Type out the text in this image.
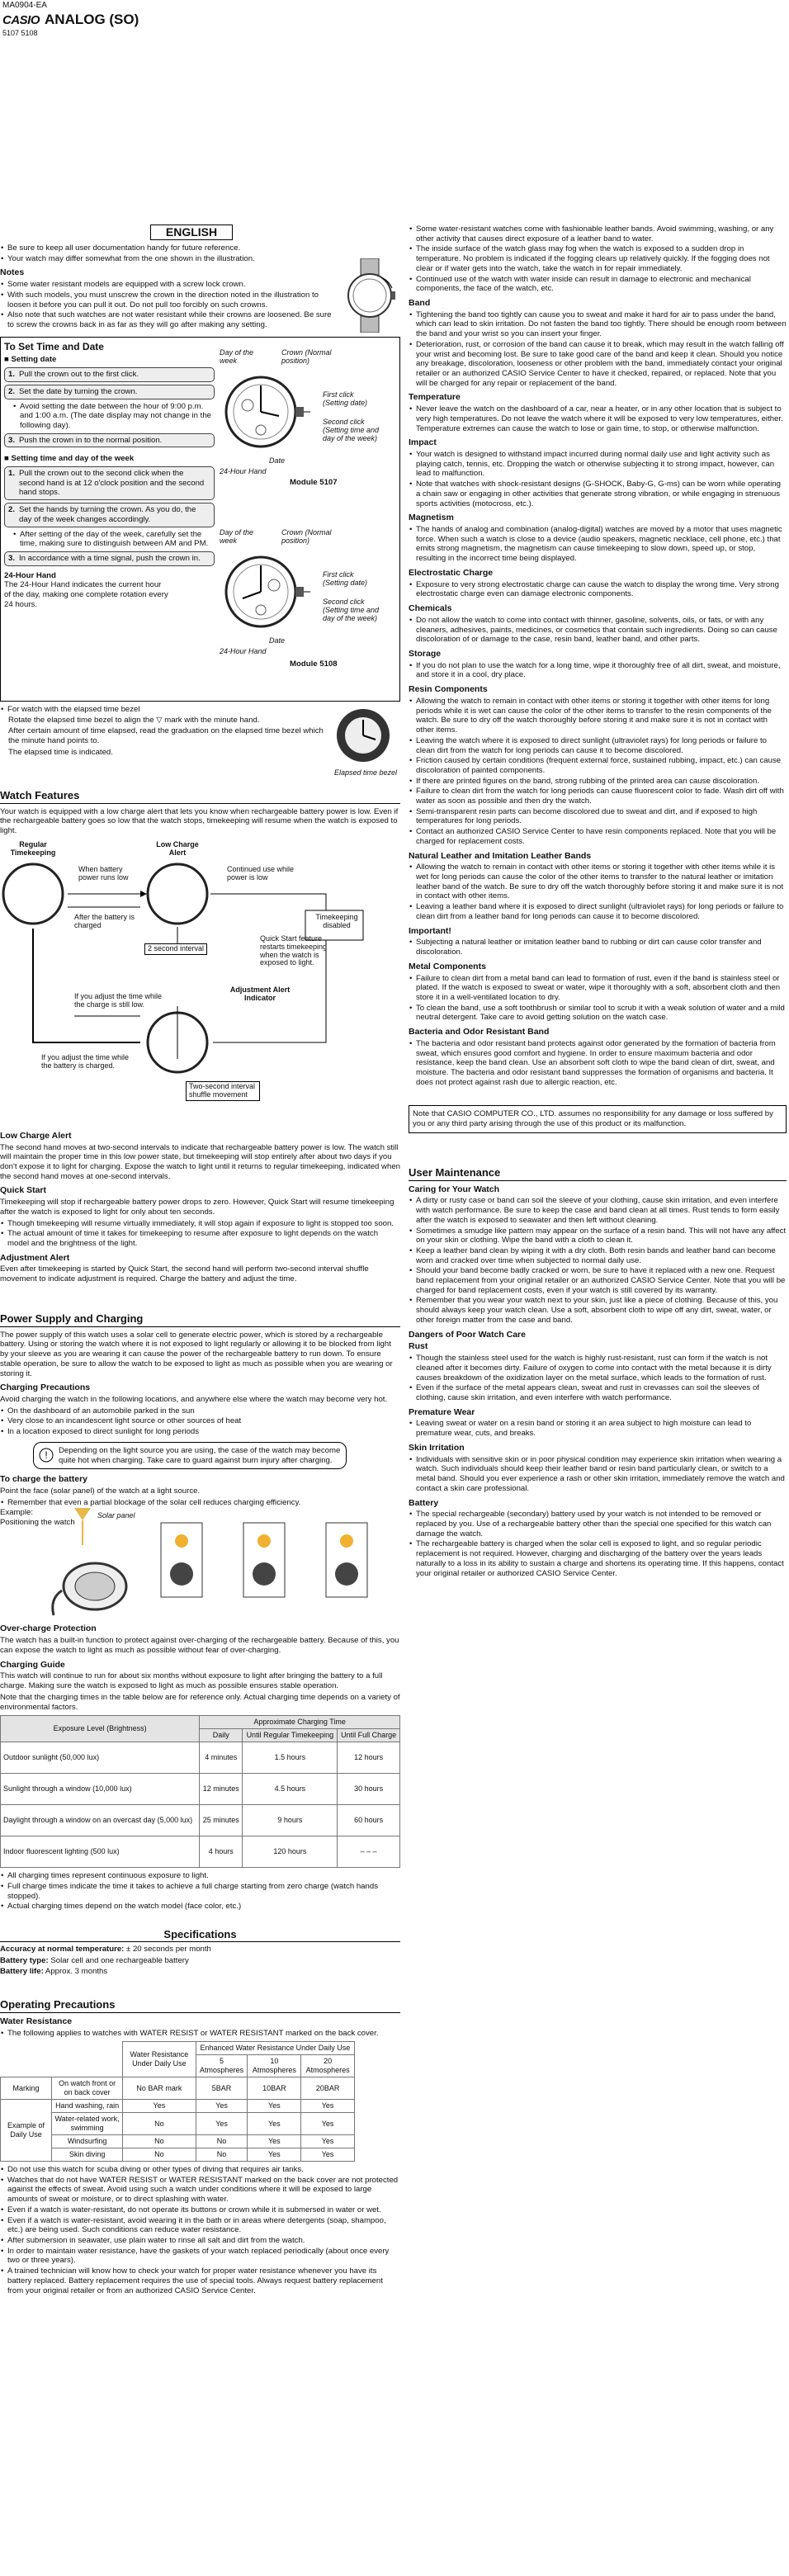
MA0904-EA
CASIO ANALOG (SO)
5107 5108
ENGLISH
• Be sure to keep all user documentation handy for future reference.
• Your watch may differ somewhat from the one shown in the illustration.
Notes
• Some water resistant models are equipped with a screw lock crown.
• With such models, you must unscrew the crown in the direction noted in the illustration to loosen it before you can pull it out. Do not pull too forcibly on such crowns.
• Also note that such watches are not water resistant while their crowns are loosened. Be sure to screw the crowns back in as far as they will go after making any setting.
To Set Time and Date
■ Setting date
1. Pull the crown out to the first click.
2. Set the date by turning the crown.
• Avoid setting the date between the hour of 9:00 p.m. and 1:00 a.m. (The date display may not change in the following day).
3. Push the crown in to the normal position.
■ Setting time and day of the week
1. Pull the crown out to the second click when the second hand is at 12 o'clock position and the second hand stops.
2. Set the hands by turning the crown. As you do, the day of the week changes accordingly.
• After setting of the day of the week, carefully set the time, making sure to distinguish between AM and PM.
3. In accordance with a time signal, push the crown in.
24-Hour Hand
The 24-Hour Hand indicates the current hour of the day, making one complete rotation every 24 hours.
Day of the week
Crown (Normal position)
First click (Setting date)
Second click (Setting time and day of the week)
Date
24-Hour Hand
Module 5107
Day of the week
Crown (Normal position)
First click (Setting date)
Second click (Setting time and day of the week)
Date
24-Hour Hand
Module 5108
• For watch with the elapsed time bezel

Rotate the elapsed time bezel to align the ▽ mark with the minute hand.

After certain amount of time elapsed, read the graduation on the elapsed time bezel which the minute hand points to.

The elapsed time is indicated.

Elapsed time bezel
Watch Features

Your watch is equipped with a low charge alert that lets you know when rechargeable battery power is low. Even if the rechargeable battery goes so low that the watch stops, timekeeping will resume when the watch is exposed to light.

Regular Timekeeping
Low Charge Alert
When battery power runs low
Continued use while power is low
Timekeeping disabled
After the battery is charged
2 second interval
Quick Start feature restarts timekeeping when the watch is exposed to light.
If you adjust the time while the charge is still low.
Adjustment Alert Indicator
If you adjust the time while the battery is charged.
Two-second interval shuffle movement
Low Charge Alert

The second hand moves at two-second intervals to indicate that rechargeable battery power is low. The watch still will maintain the proper time in this low power state, but timekeeping will stop entirely after about two days if you don't expose it to light for charging. Expose the watch to light until it returns to regular timekeeping, indicated when the second hand moves at one-second intervals.

Quick Start

Timekeeping will stop if rechargeable battery power drops to zero. However, Quick Start will resume timekeeping after the watch is exposed to light for only about ten seconds.

• Though timekeeping will resume virtually immediately, it will stop again if exposure to light is stopped too soon.
• The actual amount of time it takes for timekeeping to resume after exposure to light depends on the watch model and the brightness of the light.
Adjustment Alert

Even after timekeeping is started by Quick Start, the second hand will perform two-second interval shuffle movement to indicate adjustment is required. Charge the battery and adjust the time.

Power Supply and Charging

The power supply of this watch uses a solar cell to generate electric power, which is stored by a rechargeable battery. Using or storing the watch where it is not exposed to light regularly or allowing it to be blocked from light by your sleeve as you are wearing it can cause the power of the rechargeable battery to run down. To ensure stable operation, be sure to allow the watch to be exposed to light as much as possible when you are wearing or storing it.

Charging Precautions

Avoid charging the watch in the following locations, and anywhere else where the watch may become very hot.

• On the dashboard of an automobile parked in the sun
• Very close to an incandescent light source or other sources of heat
• In a location exposed to direct sunlight for long periods
! Depending on the light source you are using, the case of the watch may become quite hot when charging. Take care to guard against burn injury after charging.
To charge the battery

Point the face (solar panel) of the watch at a light source.

• Remember that even a partial blockage of the solar cell reduces charging efficiency.
Example:
Positioning the watch
Solar panel
Over-charge Protection

The watch has a built-in function to protect against over-charging of the rechargeable battery. Because of this, you can expose the watch to light as much as possible without fear of over-charging.

Charging Guide

This watch will continue to run for about six months without exposure to light after bringing the battery to a full charge. Making sure the watch is exposed to light as much as possible ensures stable operation.

Note that the charging times in the table below are for reference only. Actual charging time depends on a variety of environmental factors.

Exposure Level (Brightness)	Approximate Charging Time		
	Daily	Until Regular Timekeeping	Until Full Charge
Outdoor sunlight (50,000 lux)	4 minutes	1.5 hours	12 hours
Sunlight through a window (10,000 lux)	12 minutes	4.5 hours	30 hours
Daylight through a window on an overcast day (5,000 lux)	25 minutes	9 hours	60 hours
Indoor fluorescent lighting (500 lux)	4 hours	120 hours	– – –
• All charging times represent continuous exposure to light.
• Full charge times indicate the time it takes to achieve a full charge starting from zero charge (watch hands stopped).
• Actual charging times depend on the watch model (face color, etc.)
Specifications

Accuracy at normal temperature: ± 20 seconds per month

Battery type: Solar cell and one rechargeable battery

Battery life: Approx. 3 months

Operating Precautions
Water Resistance
• The following applies to watches with WATER RESIST or WATER RESISTANT marked on the back cover.
		Water Resistance Under Daily Use	Enhanced Water Resistance Under Daily Use		
			5 Atmospheres	10 Atmospheres	20 Atmospheres
Marking	On watch front or on back cover	No BAR mark	5BAR	10BAR	20BAR
Example of Daily Use	Hand washing, rain	Yes	Yes	Yes	Yes
	Water-related work, swimming	No	Yes	Yes	Yes
	Windsurfing	No	No	Yes	Yes
	Skin diving	No	No	Yes	Yes
• Do not use this watch for scuba diving or other types of diving that requires air tanks.
• Watches that do not have WATER RESIST or WATER RESISTANT marked on the back cover are not protected against the effects of sweat. Avoid using such a watch under conditions where it will be exposed to large amounts of sweat or moisture, or to direct splashing with water.
• Even if a watch is water-resistant, do not operate its buttons or crown while it is submersed in water or wet.
• Even if a watch is water-resistant, avoid wearing it in the bath or in areas where detergents (soap, shampoo, etc.) are being used. Such conditions can reduce water resistance.
• After submersion in seawater, use plain water to rinse all salt and dirt from the watch.
• In order to maintain water resistance, have the gaskets of your watch replaced periodically (about once every two or three years).
• A trained technician will know how to check your watch for proper water resistance whenever you have its battery replaced. Battery replacement requires the use of special tools. Always request battery replacement from your original retailer or from an authorized CASIO Service Center.
• Some water-resistant watches come with fashionable leather bands. Avoid swimming, washing, or any other activity that causes direct exposure of a leather band to water.
• The inside surface of the watch glass may fog when the watch is exposed to a sudden drop in temperature. No problem is indicated if the fogging clears up relatively quickly. If the fogging does not clear or if water gets into the watch, take the watch in for repair immediately.
• Continued use of the watch with water inside can result in damage to electronic and mechanical components, the face of the watch, etc.
Band
• Tightening the band too tightly can cause you to sweat and make it hard for air to pass under the band, which can lead to skin irritation. Do not fasten the band too tightly. There should be enough room between the band and your wrist so you can insert your finger.
• Deterioration, rust, or corrosion of the band can cause it to break, which may result in the watch falling off your wrist and becoming lost. Be sure to take good care of the band and keep it clean. Should you notice any breakage, discoloration, looseness or other problem with the band, immediately contact your original retailer or an authorized CASIO Service Center to have it checked, repaired, or replaced. Note that you will be charged for any repair or replacement of the band.
Temperature
• Never leave the watch on the dashboard of a car, near a heater, or in any other location that is subject to very high temperatures. Do not leave the watch where it will be exposed to very low temperatures, either. Temperature extremes can cause the watch to lose or gain time, to stop, or otherwise malfunction.
Impact
• Your watch is designed to withstand impact incurred during normal daily use and light activity such as playing catch, tennis, etc. Dropping the watch or otherwise subjecting it to strong impact, however, can lead to malfunction.
• Note that watches with shock-resistant designs (G-SHOCK, Baby-G, G-ms) can be worn while operating a chain saw or engaging in other activities that generate strong vibration, or while engaging in strenuous sports activities (motocross, etc.).
Magnetism
• The hands of analog and combination (analog-digital) watches are moved by a motor that uses magnetic force. When such a watch is close to a device (audio speakers, magnetic necklace, cell phone, etc.) that emits strong magnetism, the magnetism can cause timekeeping to slow down, speed up, or stop, resulting in the incorrect time being displayed.
Electrostatic Charge
• Exposure to very strong electrostatic charge can cause the watch to display the wrong time. Very strong electrostatic charge even can damage electronic components.
Chemicals
• Do not allow the watch to come into contact with thinner, gasoline, solvents, oils, or fats, or with any cleaners, adhesives, paints, medicines, or cosmetics that contain such ingredients. Doing so can cause discoloration of or damage to the case, resin band, leather band, and other parts.
Storage
• If you do not plan to use the watch for a long time, wipe it thoroughly free of all dirt, sweat, and moisture, and store it in a cool, dry place.
Resin Components
• Allowing the watch to remain in contact with other items or storing it together with other items for long periods while it is wet can cause the color of the other items to transfer to the resin components of the watch. Be sure to dry off the watch thoroughly before storing it and make sure it is not in contact with other items.
• Leaving the watch where it is exposed to direct sunlight (ultraviolet rays) for long periods or failure to clean dirt from the watch for long periods can cause it to become discolored.
• Friction caused by certain conditions (frequent external force, sustained rubbing, impact, etc.) can cause discoloration of painted components.
• If there are printed figures on the band, strong rubbing of the printed area can cause discoloration.
• Failure to clean dirt from the watch for long periods can cause fluorescent color to fade. Wash dirt off with water as soon as possible and then dry the watch.
• Semi-transparent resin parts can become discolored due to sweat and dirt, and if exposed to high temperatures for long periods.
• Contact an authorized CASIO Service Center to have resin components replaced. Note that you will be charged for replacement costs.
Natural Leather and Imitation Leather Bands
• Allowing the watch to remain in contact with other items or storing it together with other items while it is wet for long periods can cause the color of the other items to transfer to the natural leather or imitation leather band of the watch. Be sure to dry off the watch thoroughly before storing it and make sure it is not in contact with other items.
• Leaving a leather band where it is exposed to direct sunlight (ultraviolet rays) for long periods or failure to clean dirt from a leather band for long periods can cause it to become discolored.
Important!
• Subjecting a natural leather or imitation leather band to rubbing or dirt can cause color transfer and discoloration.
Metal Components
• Failure to clean dirt from a metal band can lead to formation of rust, even if the band is stainless steel or plated. If the watch is exposed to sweat or water, wipe it thoroughly with a soft, absorbent cloth and then store it in a well-ventilated location to dry.
• To clean the band, use a soft toothbrush or similar tool to scrub it with a weak solution of water and a mild neutral detergent. Take care to avoid getting solution on the watch case.
Bacteria and Odor Resistant Band
• The bacteria and odor resistant band protects against odor generated by the formation of bacteria from sweat, which ensures good comfort and hygiene. In order to ensure maximum bacteria and odor resistance, keep the band clean. Use an absorbent soft cloth to wipe the band clean of dirt, sweat, and moisture. The bacteria and odor resistant band suppresses the formation of organisms and bacteria. It does not protect against rash due to allergic reaction, etc.
Note that CASIO COMPUTER CO., LTD. assumes no responsibility for any damage or loss suffered by you or any third party arising through the use of this product or its malfunction.
User Maintenance
Caring for Your Watch
• A dirty or rusty case or band can soil the sleeve of your clothing, cause skin irritation, and even interfere with watch performance. Be sure to keep the case and band clean at all times. Rust tends to form easily after the watch is exposed to seawater and then left without cleaning.
• Sometimes a smudge like pattern may appear on the surface of a resin band. This will not have any affect on your skin or clothing. Wipe the band with a cloth to clean it.
• Keep a leather band clean by wiping it with a dry cloth. Both resin bands and leather band can become worn and cracked over time when subjected to normal daily use.
• Should your band become badly cracked or worn, be sure to have it replaced with a new one. Request band replacement from your original retailer or an authorized CASIO Service Center. Note that you will be charged for band replacement costs, even if your watch is still covered by its warranty.
• Remember that you wear your watch next to your skin, just like a piece of clothing. Because of this, you should always keep your watch clean. Use a soft, absorbent cloth to wipe off any dirt, sweat, water, or other foreign matter from the case and band.
Dangers of Poor Watch Care
Rust
• Though the stainless steel used for the watch is highly rust-resistant, rust can form if the watch is not cleaned after it becomes dirty. Failure of oxygen to come into contact with the metal because it is dirty causes breakdown of the oxidization layer on the metal surface, which leads to the formation of rust.
• Even if the surface of the metal appears clean, sweat and rust in crevasses can soil the sleeves of clothing, cause skin irritation, and even interfere with watch performance.
Premature Wear
• Leaving sweat or water on a resin band or storing it an area subject to high moisture can lead to premature wear, cuts, and breaks.
Skin Irritation
• Individuals with sensitive skin or in poor physical condition may experience skin irritation when wearing a watch. Such individuals should keep their leather band or resin band particularly clean, or switch to a metal band. Should you ever experience a rash or other skin irritation, immediately remove the watch and contact a skin care professional.
Battery
• The special rechargeable (secondary) battery used by your watch is not intended to be removed or replaced by you. Use of a rechargeable battery other than the special one specified for this watch can damage the watch.
• The rechargeable battery is charged when the solar cell is exposed to light, and so regular periodic replacement is not required. However, charging and discharging of the battery over the years leads naturally to a loss in its ability to sustain a charge and shortens its operating time. If this happens, contact your original retailer or authorized CASIO Service Center.
